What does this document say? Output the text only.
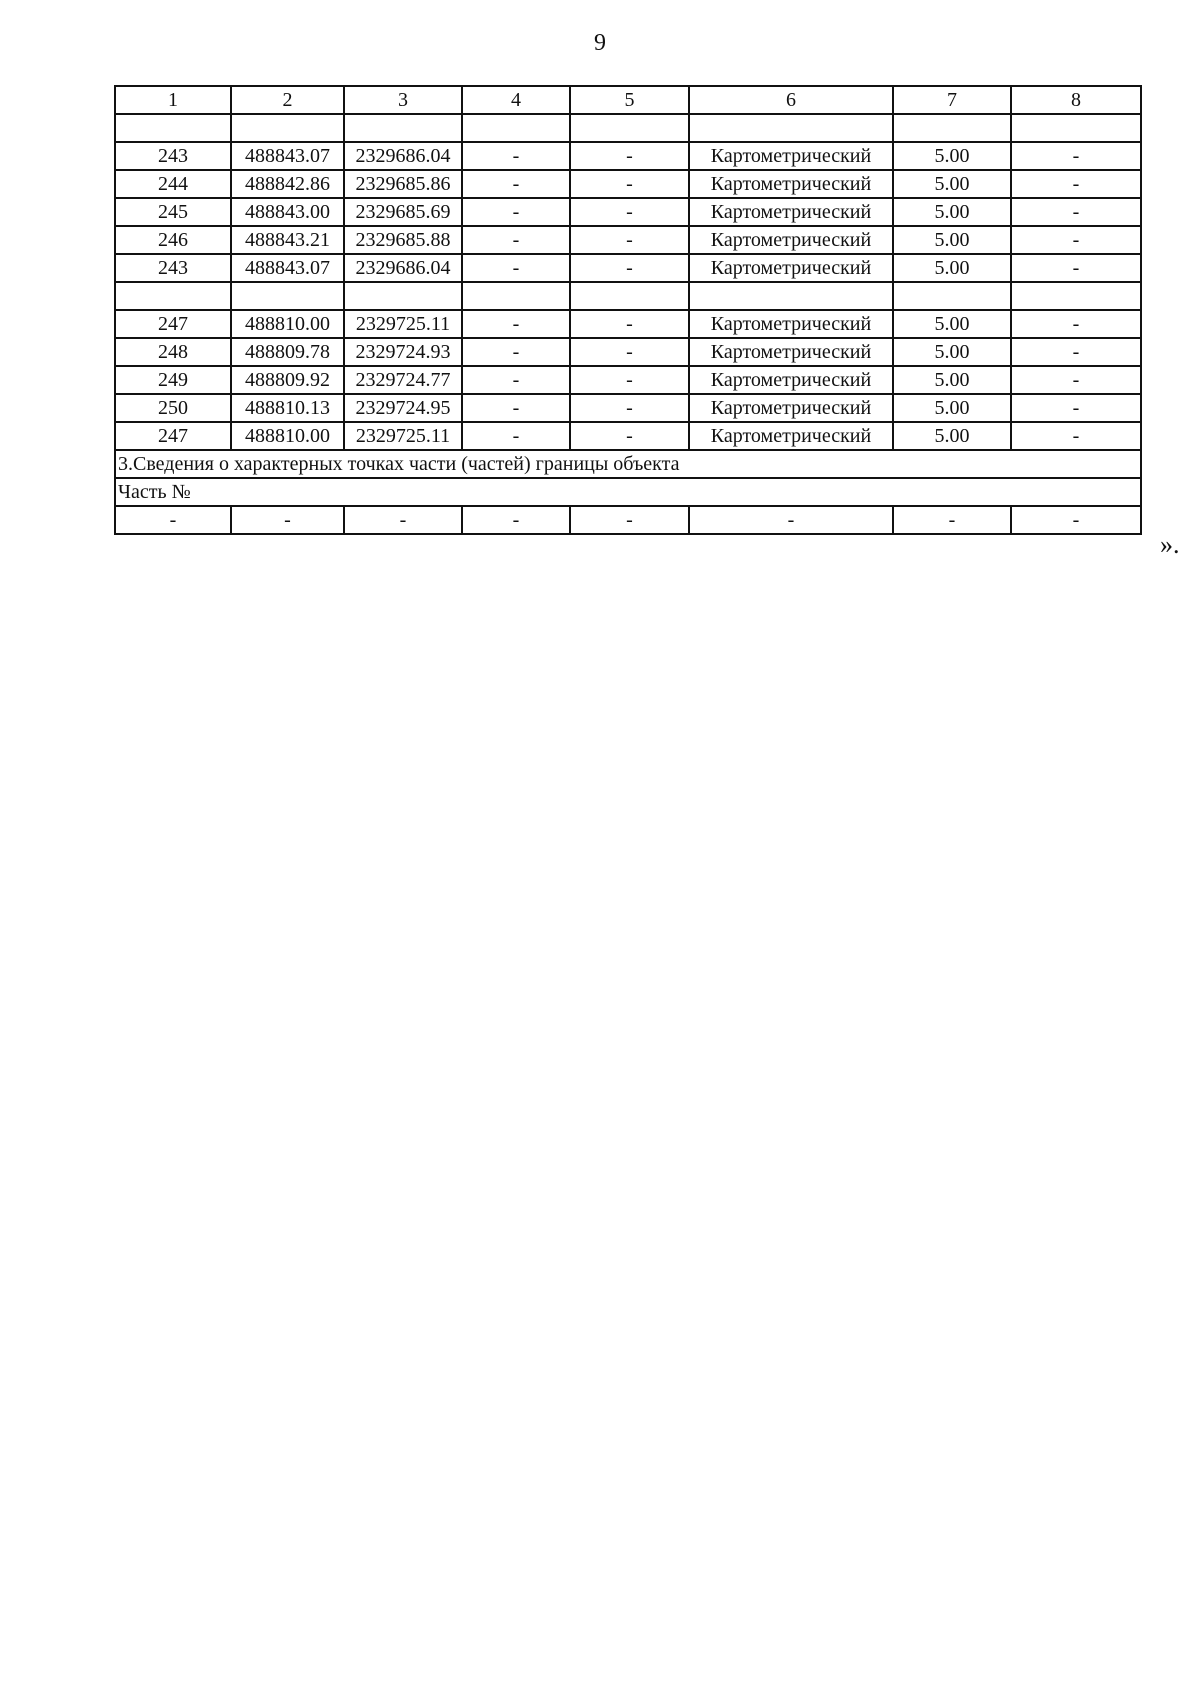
9
1	2	3	4	5	6	7	8

243	488843.07	2329686.04	-	-	Картометрический	5.00	-
244	488842.86	2329685.86	-	-	Картометрический	5.00	-
245	488843.00	2329685.69	-	-	Картометрический	5.00	-
246	488843.21	2329685.88	-	-	Картометрический	5.00	-
243	488843.07	2329686.04	-	-	Картометрический	5.00	-

247	488810.00	2329725.11	-	-	Картометрический	5.00	-
248	488809.78	2329724.93	-	-	Картометрический	5.00	-
249	488809.92	2329724.77	-	-	Картометрический	5.00	-
250	488810.13	2329724.95	-	-	Картометрический	5.00	-
247	488810.00	2329725.11	-	-	Картометрический	5.00	-
3.Сведения о характерных точках части (частей) границы объекта							
Часть №							
-	-	-	-	-	-	-	-
».
